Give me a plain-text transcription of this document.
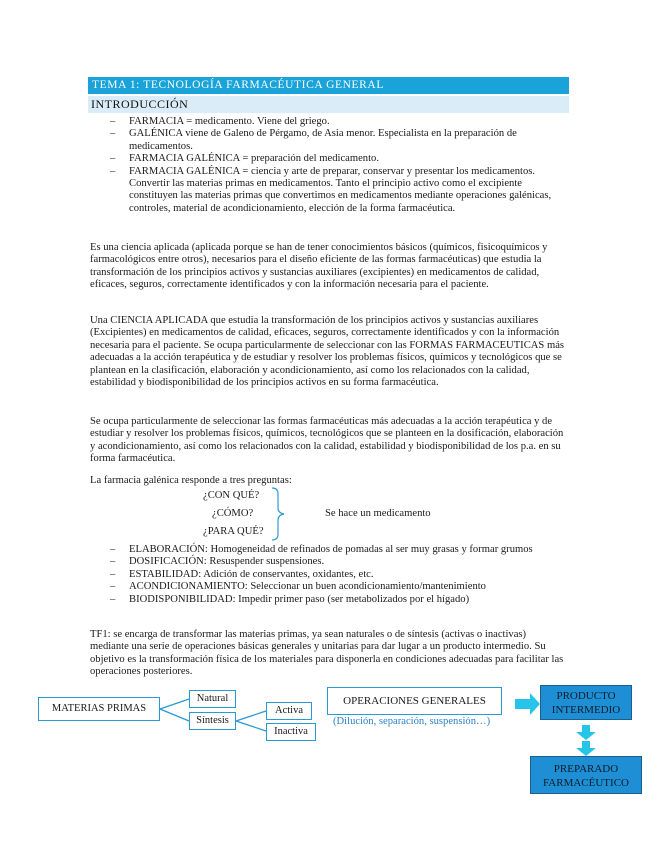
TEMA 1: TECNOLOGÍA FARMACÉUTICA GENERAL
INTRODUCCIÓN
– FARMACIA = medicamento. Viene del griego.
– GALÉNICA viene de Galeno de Pérgamo, de Asia menor. Especialista en la preparación de medicamentos.
– FARMACIA GALÉNICA = preparación del medicamento.
– FARMACIA GALÉNICA = ciencia y arte de preparar, conservar y presentar los medicamentos. Convertir las materias primas en medicamentos. Tanto el principio activo como el excipiente constituyen las materias primas que convertimos en medicamentos mediante operaciones galénicas, controles, material de acondicionamiento, elección de la forma farmacéutica.

Es una ciencia aplicada (aplicada porque se han de tener conocimientos básicos (químicos, fisicoquímicos y farmacológicos entre otros), necesarios para el diseño eficiente de las formas farmacéuticas) que estudia la transformación de los principios activos y sustancias auxiliares (excipientes) en medicamentos de calidad, eficaces, seguros, correctamente identificados y con la información necesaria para el paciente.

Una CIENCIA APLICADA que estudia la transformación de los principios activos y sustancias auxiliares (Excipientes) en medicamentos de calidad, eficaces, seguros, correctamente identificados y con la información necesaria para el paciente. Se ocupa particularmente de seleccionar con las FORMAS FARMACEUTICAS más adecuadas a la acción terapéutica y de estudiar y resolver los problemas físicos, químicos y tecnológicos que se plantean en la clasificación, elaboración y acondicionamiento, así como los relacionados con la calidad, estabilidad y biodisponibilidad de los principios activos en su forma farmacéutica.

Se ocupa particularmente de seleccionar las formas farmacéuticas más adecuadas a la acción terapéutica y de estudiar y resolver los problemas físicos, químicos, tecnológicos que se planteen en la dosificación, elaboración y acondicionamiento, así como los relacionados con la calidad, estabilidad y biodisponibilidad de los p.a. en su forma farmacéutica.

La farmacia galénica responde a tres preguntas:

¿CON QUÉ?
¿CÓMO?
¿PARA QUÉ?
Se hace un medicamento
– ELABORACIÓN: Homogeneidad de refinados de pomadas al ser muy grasas y formar grumos
– DOSIFICACIÓN: Resuspender suspensiones.
– ESTABILIDAD: Adición de conservantes, oxidantes, etc.
– ACONDICIONAMIENTO: Seleccionar un buen acondicionamiento/mantenimiento
– BIODISPONIBILIDAD: Impedir primer paso (ser metabolizados por el hígado)

TF1: se encarga de transformar las materias primas, ya sean naturales o de síntesis (activas o inactivas) mediante una serie de operaciones básicas generales y unitarias para dar lugar a un producto intermedio. Su objetivo es la transformación física de los materiales para disponerla en condiciones adecuadas para facilitar las operaciones posteriores.

MATERIAS PRIMAS
Natural
Síntesis
Activa
Inactiva
OPERACIONES GENERALES
(Dilución, separación, suspensión…)
PRODUCTO INTERMEDIO
PREPARADO FARMACÉUTICO
